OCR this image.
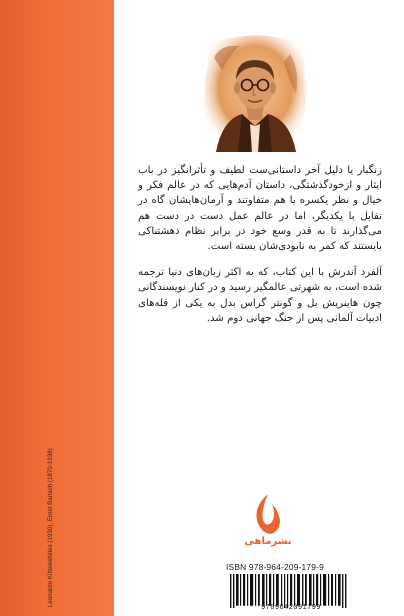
Leonardo Kitteleshilles (1930), Ernst Barlach (1870-1938)

زنگبار یا دلیل آخر داستانی‌ست لطیف و تأثرانگیز در باب ایثار و ازخودگذشتگی، داستان آدم‌هایی که در عالم فکر و خیال و نظر یکسره با هم متفاوتند و آرمان‌هایشان گاه در تقابل با یکدیگر، اما در عالم عمل دست در دست هم می‌گذارند تا به قدر وسع خود در برابر نظام دهشتناکی بایستند که کمر به نابودی‌شان بسته است.

آلفرد آندرش با این کتاب، که به اکثر زبان‌های دنیا ترجمه شده است، به شهرتی عالمگیر رسید و در کنار نویسندگانی چون هاینریش بل و گونتر گراس بدل به یکی از قله‌های ادبیات آلمانی پس از جنگ جهانی دوم شد.

نشرماهی
ISBN 978-964-209-179-9
9789642091799
